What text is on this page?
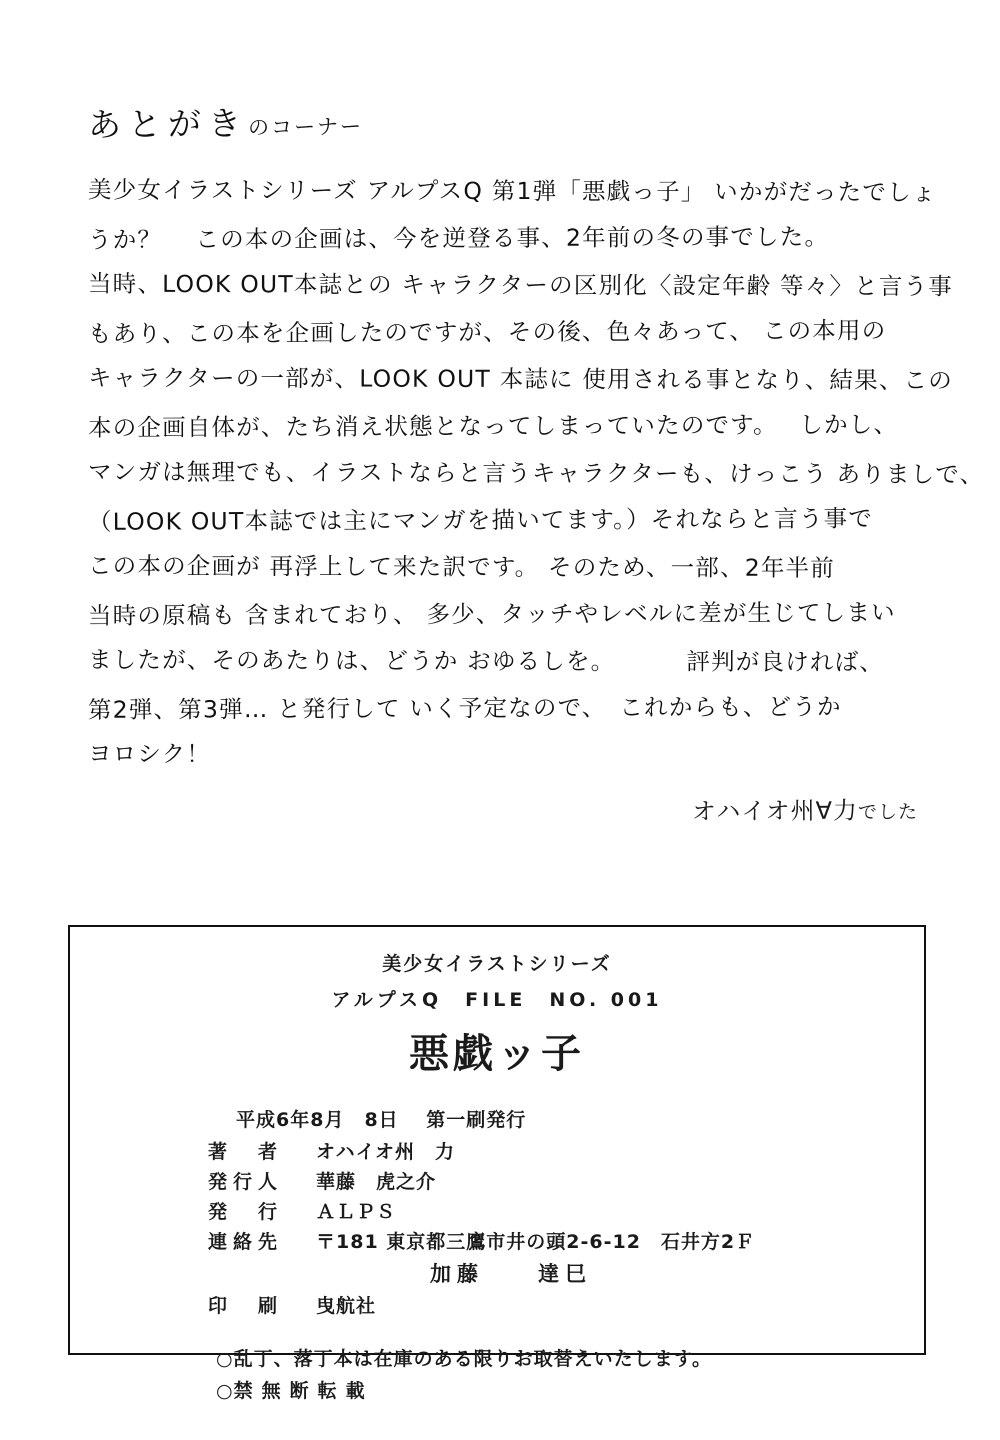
あとがきのコーナー
美少女イラストシリーズ アルプスQ 第1弾「悪戯っ子」 いかがだったでしょ
うか？　 この本の企画は、今を逆登る事、2年前の冬の事でした。
当時、LOOK OUT本誌との キャラクターの区別化〈設定年齢 等々〉と言う事
もあり、この本を企画したのですが、その後、色々あって、 この本用の
キャラクターの一部が、LOOK OUT 本誌に 使用される事となり、結果、この
本の企画自体が、たち消え状態となってしまっていたのです。　 しかし、
マンガは無理でも、イラストならと言うキャラクターも、けっこう ありましで、
（LOOK OUT本誌では主にマンガを描いてます。）それならと言う事で
この本の企画が 再浮上して来た訳です。 そのため、一部、2年半前
当時の原稿も 含まれており、 多少、タッチやレベルに差が生じてしまい
ましたが、そのあたりは、どうか おゆるしを。　　　 評判が良ければ、
第2弾、第3弾… と発行して いく予定なので、　これからも、どうか
ヨロシク！
オハイオ州∀力でした
美少女イラストシリーズ
アルプスQ　FILE　NO. 001
悪戯ッ子
平成6年8月　8日　 第一刷発行
著　者 オハイオ州　力
発行人 華藤　虎之介
発　行 ＡＬＰＳ
連絡先 〒181 東京都三鷹市井の頭2-6-12　石井方2Ｆ
加藤　　達巳
印　刷 曳航社
○乱丁、落丁本は在庫のある限りお取替えいたします。
○禁無断転載
